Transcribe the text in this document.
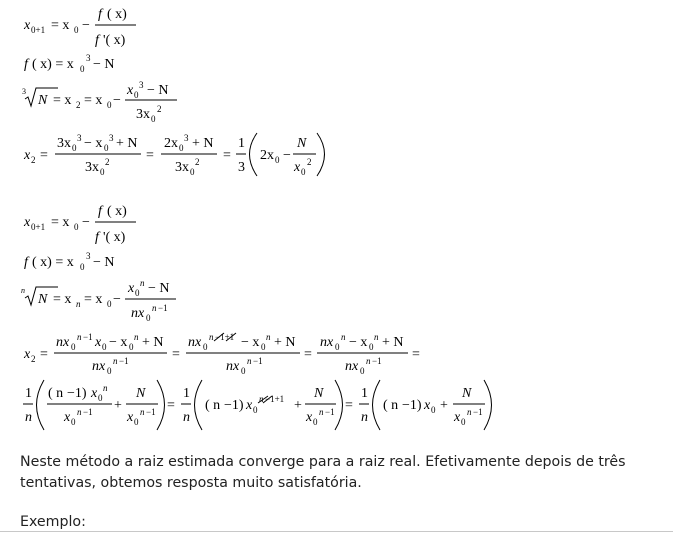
x 0+1 = x 0 −
f ( x)
f '( x)
f ( x) = x 0
3 − N
3
N = x 2 = x 0 −
x 0
3 − N
3x 0
2
x 2 =
3x 0
3 − x 0
3 + N
3x 0
2	=
2x 0
3 + N
3x 0
2 =
1
3
2x 0 −
N
x 0
2
x 0+1 = x 0 −
f ( x)
f '( x)
f ( x) = x 0
3 − N
n
N = x n = x 0 −
x 0
n − N
nx 0
n −1
x 2 =
nx 0
n −1 x 0 − x 0
n + N
nx 0
n −1	=
nx 0
n −1+1 − x 0
n + N
nx 0
n −1	=
nx 0
n − x 0
n + N
nx 0
n −1 =
1
n
( n −1) x 0
n
x 0
n −1 +
N
x 0
n −1 =
1
n
( n −1) x 0
n −1+1 +
N
x 0
n −1 =
1
n
( n −1) x 0 +
N
x 0
n −1

Neste método a raiz estimada converge para a raiz real. Efetivamente depois de três tentativas, obtemos resposta muito satisfatória.

Exemplo:
